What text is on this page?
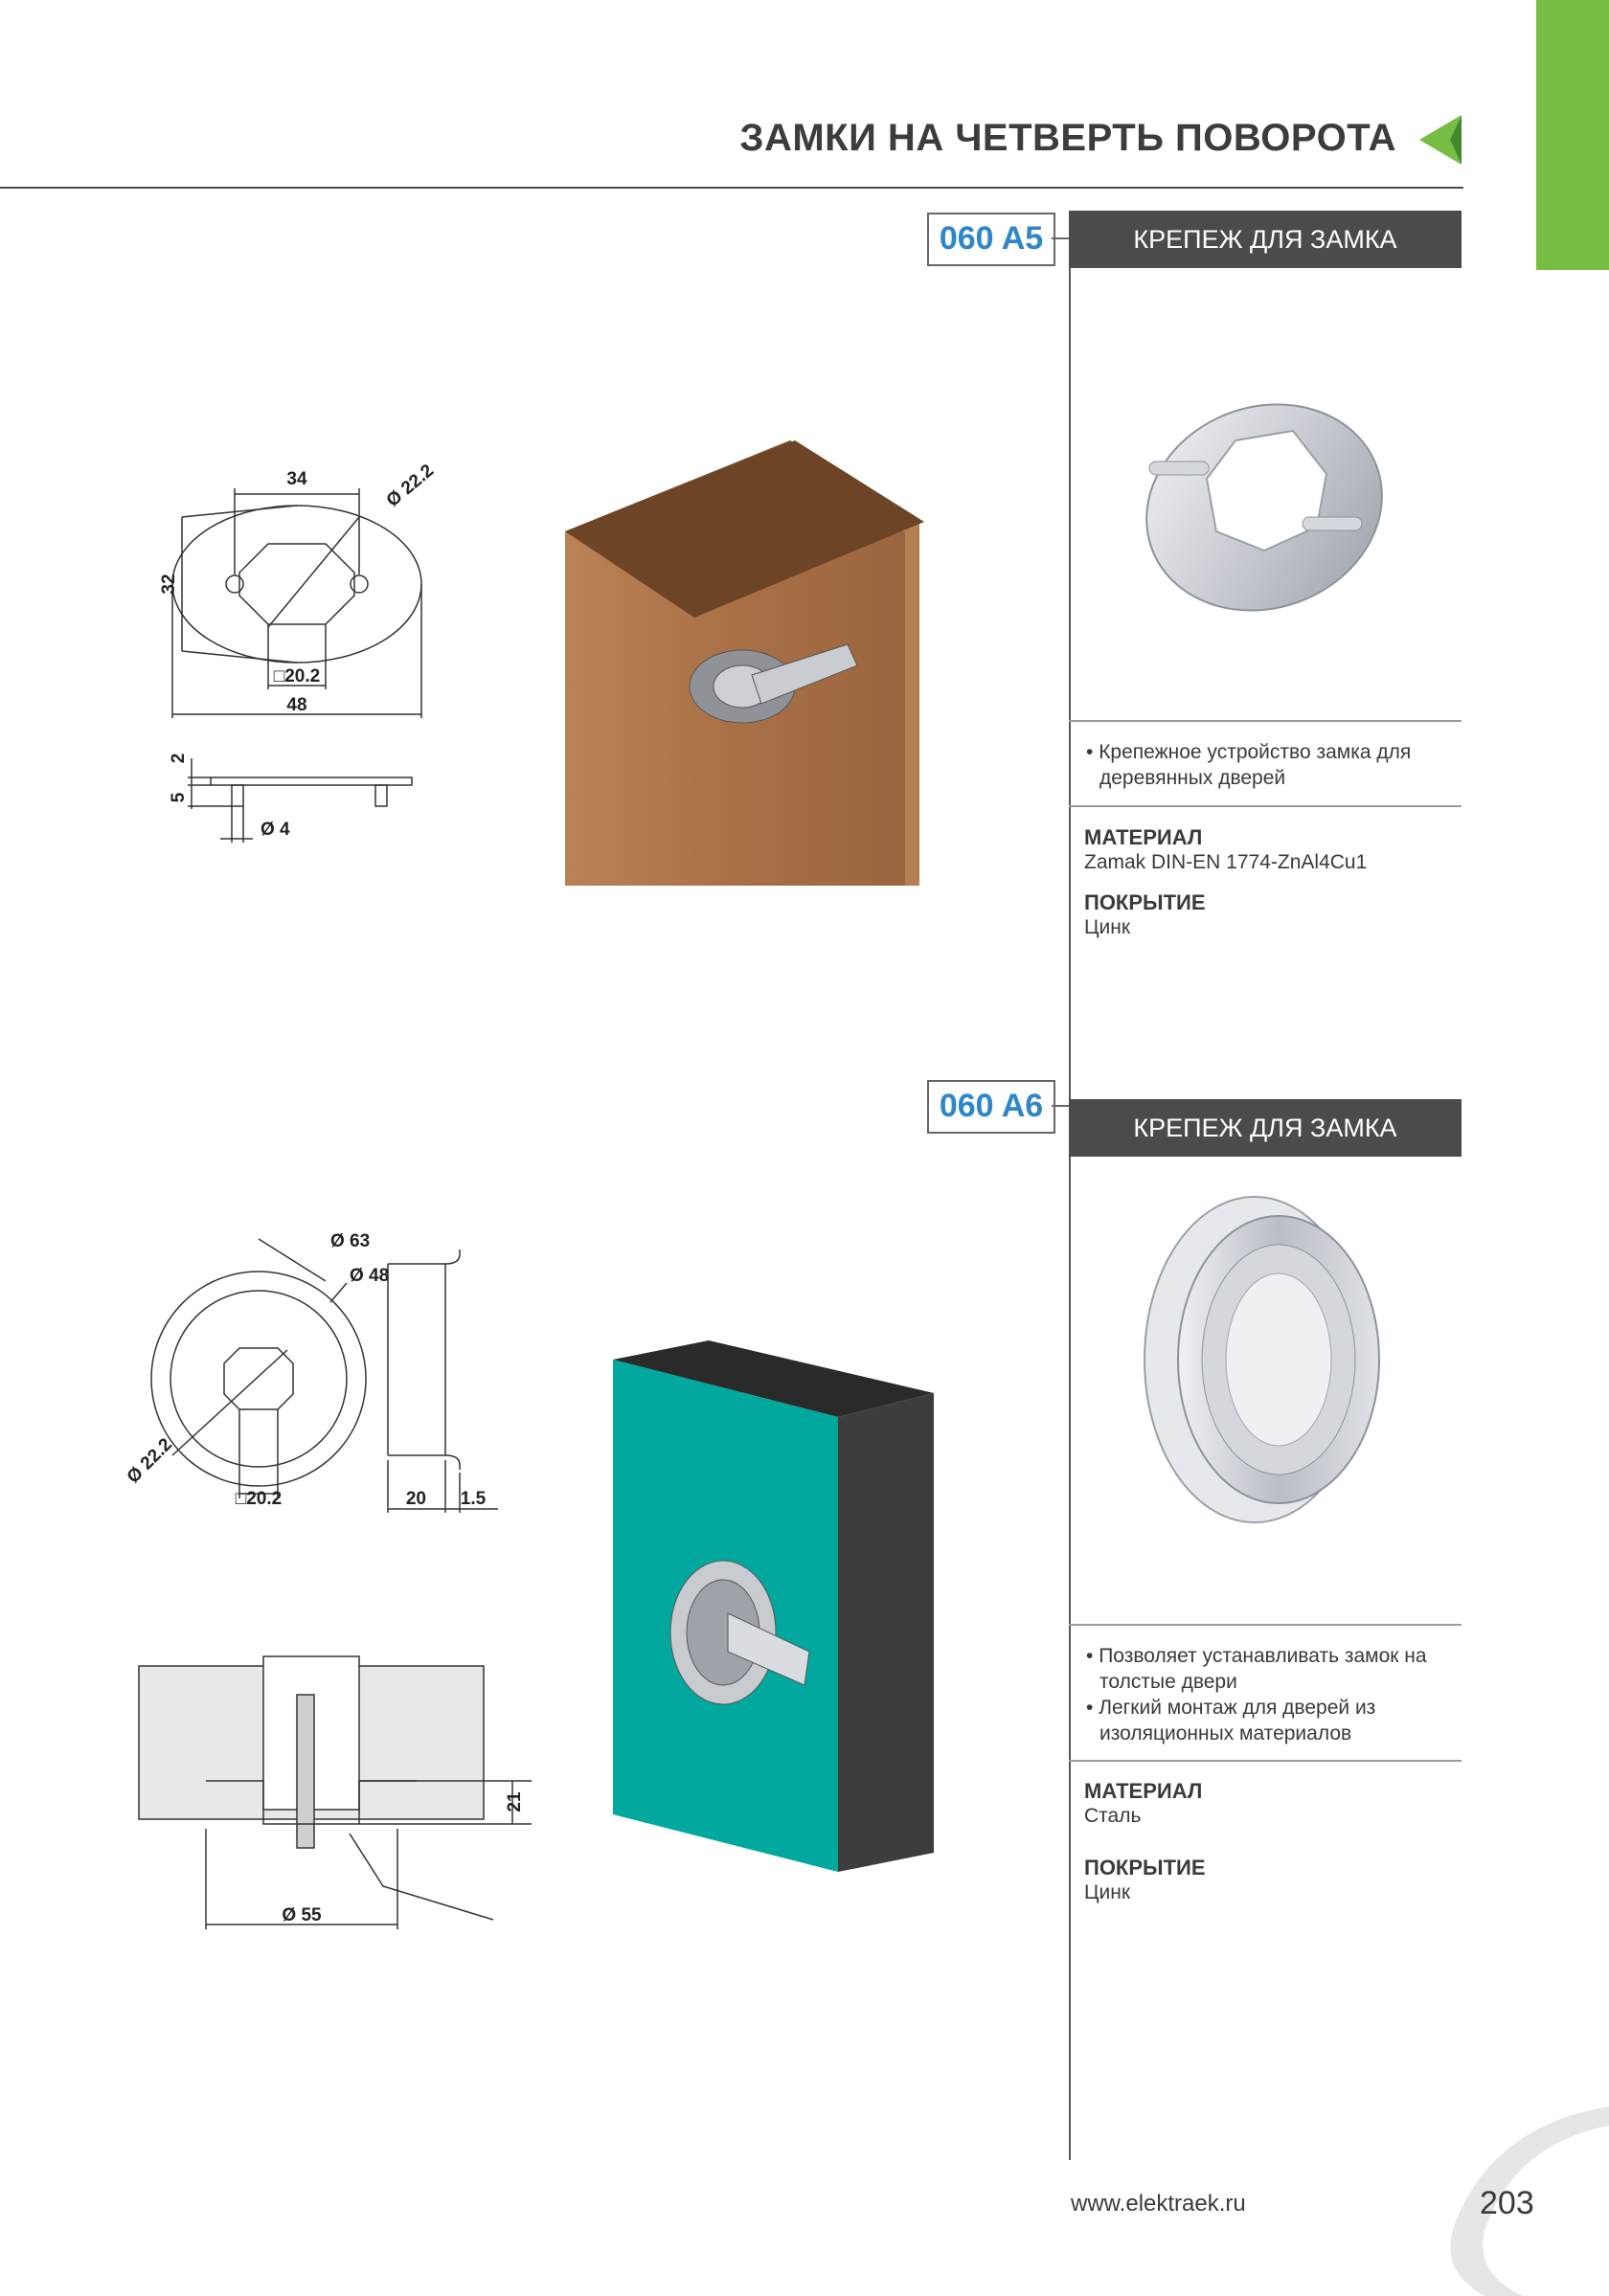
ЗАМКИ НА ЧЕТВЕРТЬ ПОВОРОТА
060 A5	КРЕПЕЖ ДЛЯ ЗАМКА
• Крепежное устройство замка для деревянных дверей
МАТЕРИАЛ
Zamak DIN-EN 1774-ZnAl4Cu1
ПОКРЫТИЕ
Цинк
34	Ø 22.2
32
□20.2
48
2
5
Ø 4
060 A6
КРЕПЕЖ ДЛЯ ЗАМКА
• Позволяет устанавливать замок на толстые двери
• Легкий монтаж для дверей из изоляционных материалов
МАТЕРИАЛ
Сталь
ПОКРЫТИЕ
Цинк
Ø 63
Ø 48
Ø 22.2
□20.2	20 1.5
21
Ø 55
www.elektraek.ru	203
